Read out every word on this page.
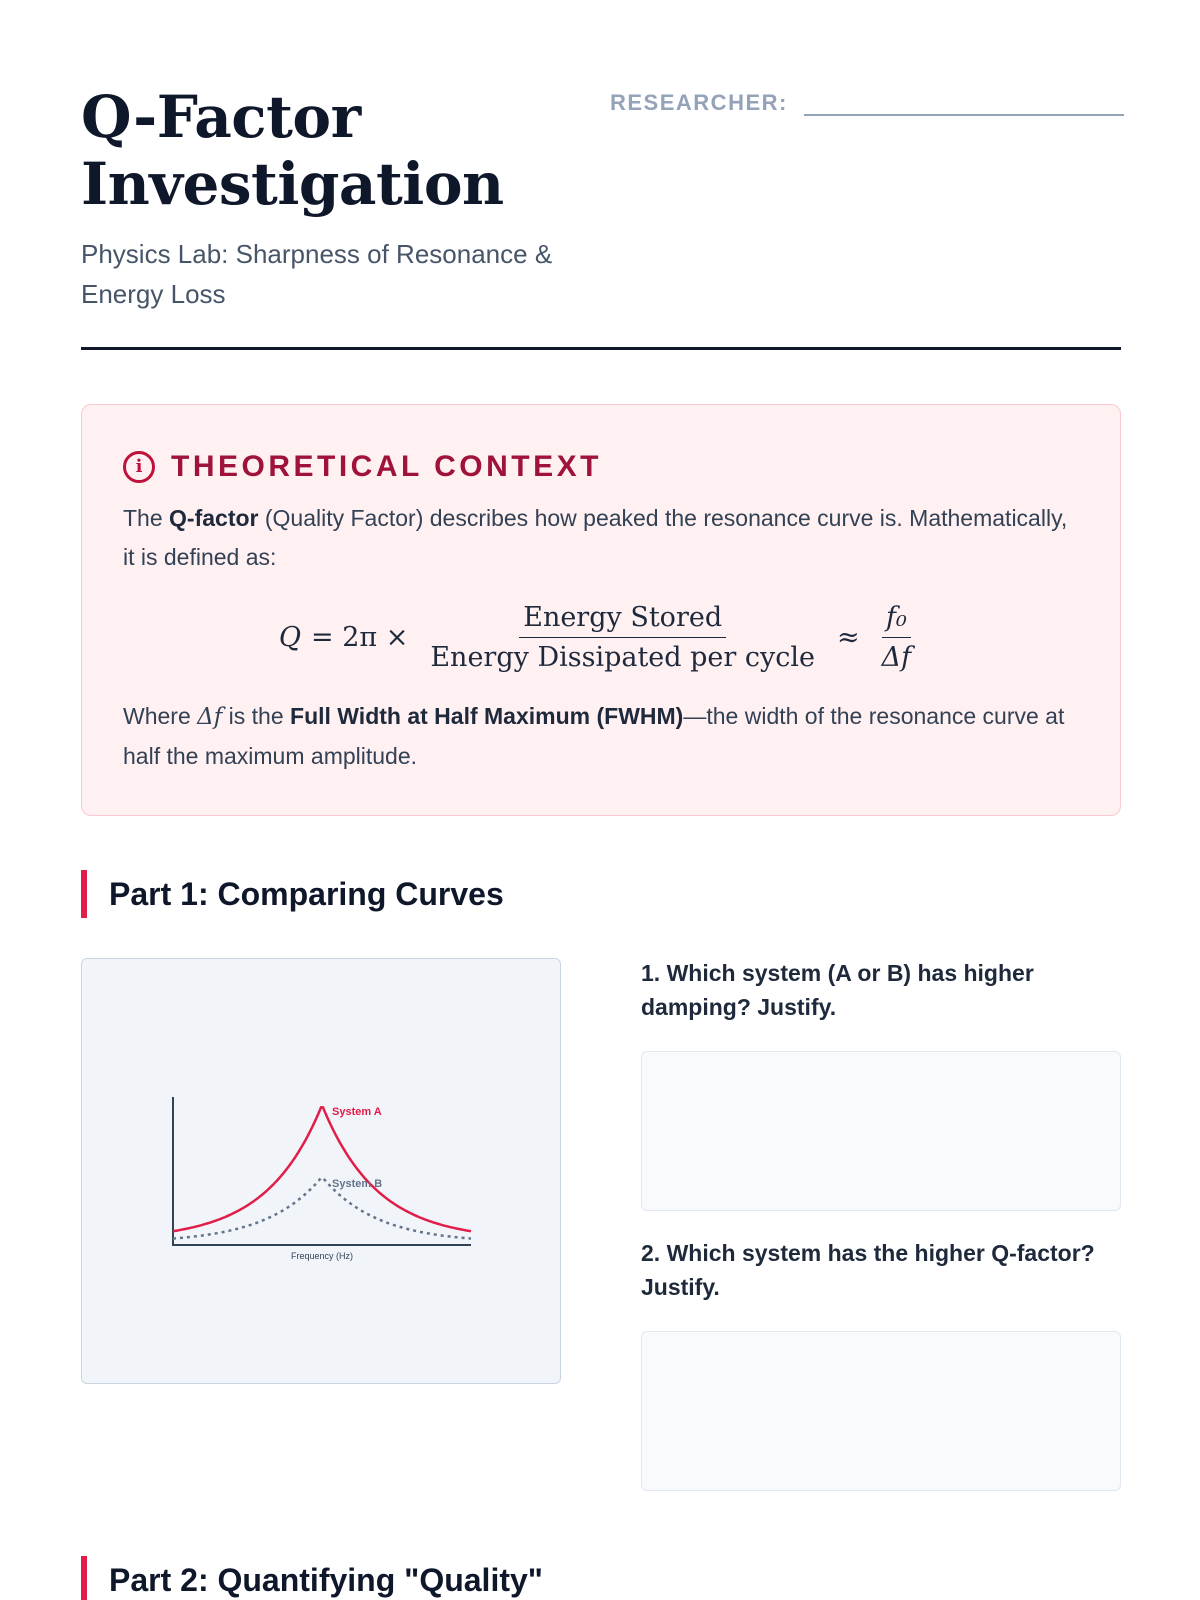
Q-Factor Investigation
Physics Lab: Sharpness of Resonance & Energy Loss
RESEARCHER:
i THEORETICAL CONTEXT

The Q-factor (Quality Factor) describes how peaked the resonance curve is. Mathematically, it is defined as:

$Q = 2\pi \times \frac{\text{Energy Stored}}{\text{Energy Dissipated per cycle}} \approx \frac{\text{f₀}}{\Delta f}$

Where Δf is the Full Width at Half Maximum (FWHM)—the width of the resonance curve at half the maximum amplitude.

Part 1: Comparing Curves
System A
System B
Frequency (Hz)
1. Which system (A or B) has higher damping? Justify.
2. Which system has the higher Q-factor? Justify.
Part 2: Quantifying "Quality"
